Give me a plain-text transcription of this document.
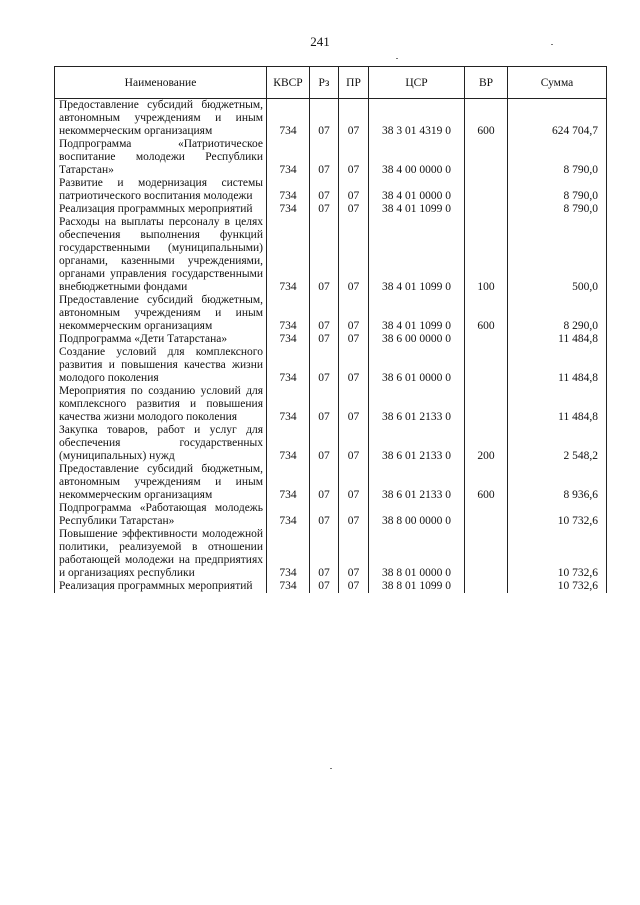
241
Наименование	КВСР	Рз	ПР	ЦСР	ВР	Сумма
Предоставление субсидий бюджетным, автономным учреждениям и иным некоммерческим организациям	734	07	07	38 3 01 4319 0	600	624 704,7
Подпрограмма «Патриотическое воспитание молодежи Республики Татарстан»	734	07	07	38 4 00 0000 0		8 790,0
Развитие и модернизация системы патриотического воспитания молодежи	734	07	07	38 4 01 0000 0		8 790,0
Реализация программных мероприятий	734	07	07	38 4 01 1099 0		8 790,0
Расходы на выплаты персоналу в целях обеспечения выполнения функций государственными (муниципальными) органами, казенными учреждениями, органами управления государственными внебюджетными фондами	734	07	07	38 4 01 1099 0	100	500,0
Предоставление субсидий бюджетным, автономным учреждениям и иным некоммерческим организациям	734	07	07	38 4 01 1099 0	600	8 290,0
Подпрограмма «Дети Татарстана»	734	07	07	38 6 00 0000 0		11 484,8
Создание условий для комплексного развития и повышения качества жизни молодого поколения	734	07	07	38 6 01 0000 0		11 484,8
Мероприятия по созданию условий для комплексного развития и повышения качества жизни молодого поколения	734	07	07	38 6 01 2133 0		11 484,8
Закупка товаров, работ и услуг для обеспечения государственных (муниципальных) нужд	734	07	07	38 6 01 2133 0	200	2 548,2
Предоставление субсидий бюджетным, автономным учреждениям и иным некоммерческим организациям	734	07	07	38 6 01 2133 0	600	8 936,6
Подпрограмма «Работающая молодежь Республики Татарстан»	734	07	07	38 8 00 0000 0		10 732,6
Повышение эффективности молодежной политики, реализуемой в отношении работающей молодежи на предприятиях и организациях республики	734	07	07	38 8 01 0000 0		10 732,6
Реализация программных мероприятий	734	07	07	38 8 01 1099 0		10 732,6
